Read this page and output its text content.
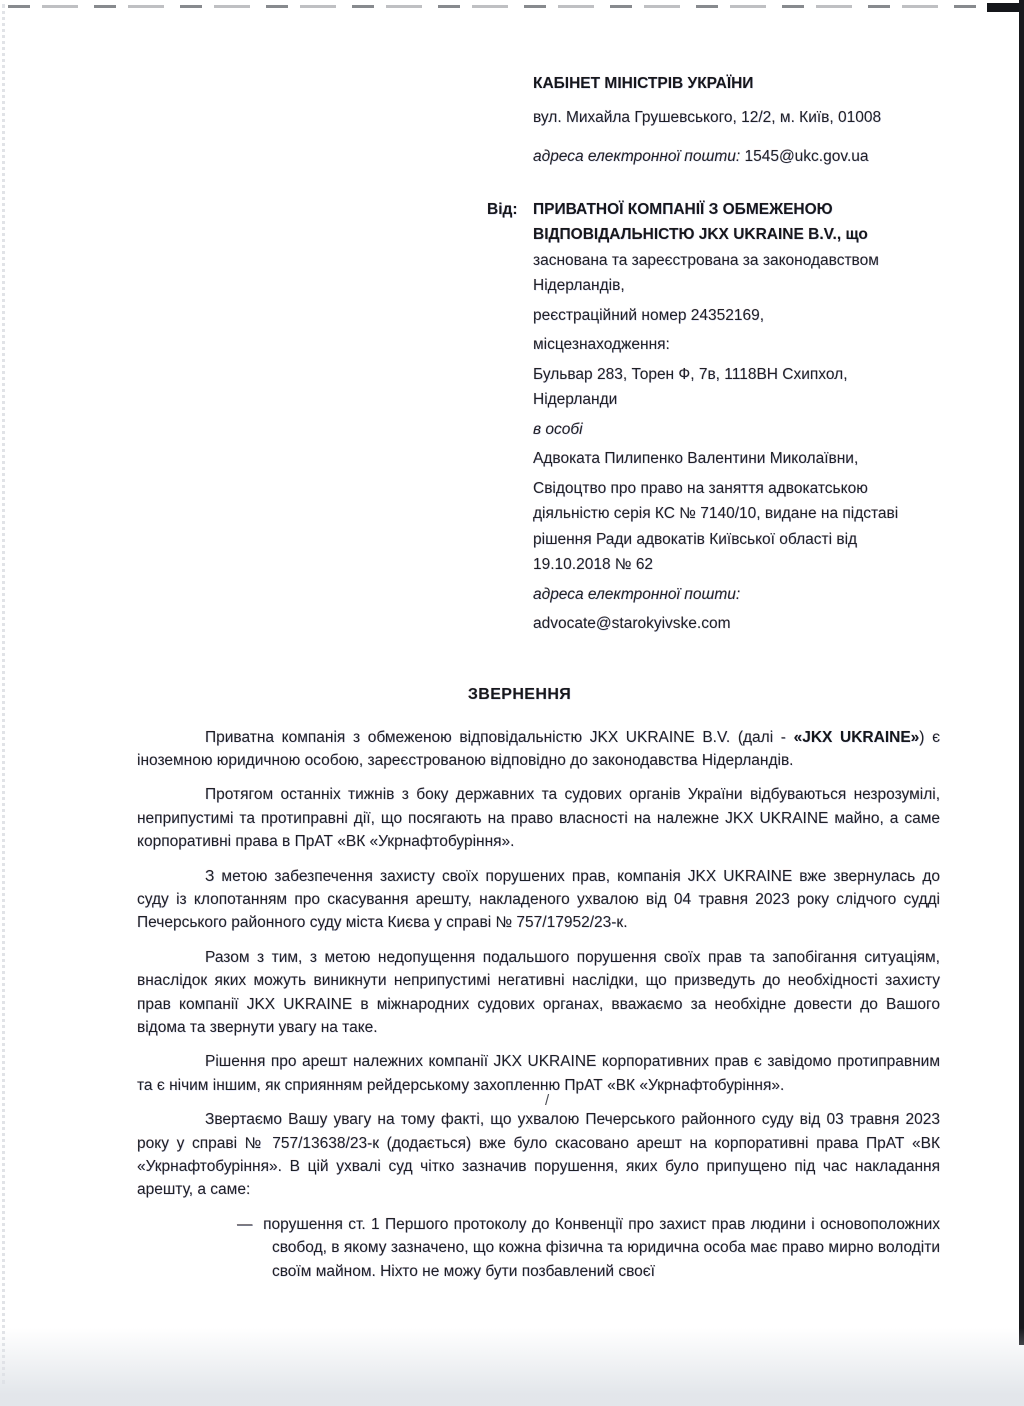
КАБІНЕТ МІНІСТРІВ УКРАЇНИ

вул. Михайла Грушевського, 12/2, м. Київ, 01008

адреса електронної пошти: 1545@ukc.gov.ua

Від: ПРИВАТНОЇ КОМПАНІЇ З ОБМЕЖЕНОЮ ВІДПОВІДАЛЬНІСТЮ JKX UKRAINE B.V., що заснована та зареєстрована за законодавством Нідерландів,

реєстраційний номер 24352169,

місцезнаходження:

Бульвар 283, Торен Ф, 7в, 1118ВН Схипхол, Нідерланди

в особі

Адвоката Пилипенко Валентини Миколаївни,

Свідоцтво про право на заняття адвокатською діяльністю серія КС № 7140/10, видане на підставі рішення Ради адвокатів Київської області від 19.10.2018 № 62

адреса електронної пошти:

advocate@starokyivske.com

ЗВЕРНЕННЯ

Приватна компанія з обмеженою відповідальністю JKX UKRAINE B.V. (далі - «JKX UKRAINE») є іноземною юридичною особою, зареєстрованою відповідно до законодавства Нідерландів.

Протягом останніх тижнів з боку державних та судових органів України відбуваються незрозумілі, неприпустимі та протиправні дії, що посягають на право власності на належне JKX UKRAINE майно, а саме корпоративні права в ПрАТ «ВК «Укрнафтобуріння».

З метою забезпечення захисту своїх порушених прав, компанія JKX UKRAINE вже звернулась до суду із клопотанням про скасування арешту, накладеного ухвалою від 04 травня 2023 року слідчого судді Печерського районного суду міста Києва у справі № 757/17952/23-к.

Разом з тим, з метою недопущення подальшого порушення своїх прав та запобігання ситуаціям, внаслідок яких можуть виникнути неприпустимі негативні наслідки, що призведуть до необхідності захисту прав компанії JKX UKRAINE в міжнародних судових органах, вважаємо за необхідне довести до Вашого відома та звернути увагу на таке.

Рішення про арешт належних компанії JKX UKRAINE корпоративних прав є завідомо протиправним та є нічим іншим, як сприянням рейдерському захопленню ПрАТ «ВК «Укрнафтобуріння».

Звертаємо Вашу увагу на тому факті, що ухвалою Печерського районного суду від 03 травня 2023 року у справі № 757/13638/23-к (додається) вже було скасовано арешт на корпоративні права ПрАТ «ВК «Укрнафтобуріння». В цій ухвалі суд чітко зазначив порушення, яких було припущено під час накладання арешту, а саме:

— порушення ст. 1 Першого протоколу до Конвенції про захист прав людини і основоположних свобод, в якому зазначено, що кожна фізична та юридична особа має право мирно володіти своїм майном. Ніхто не можу бути позбавлений своєї

/
